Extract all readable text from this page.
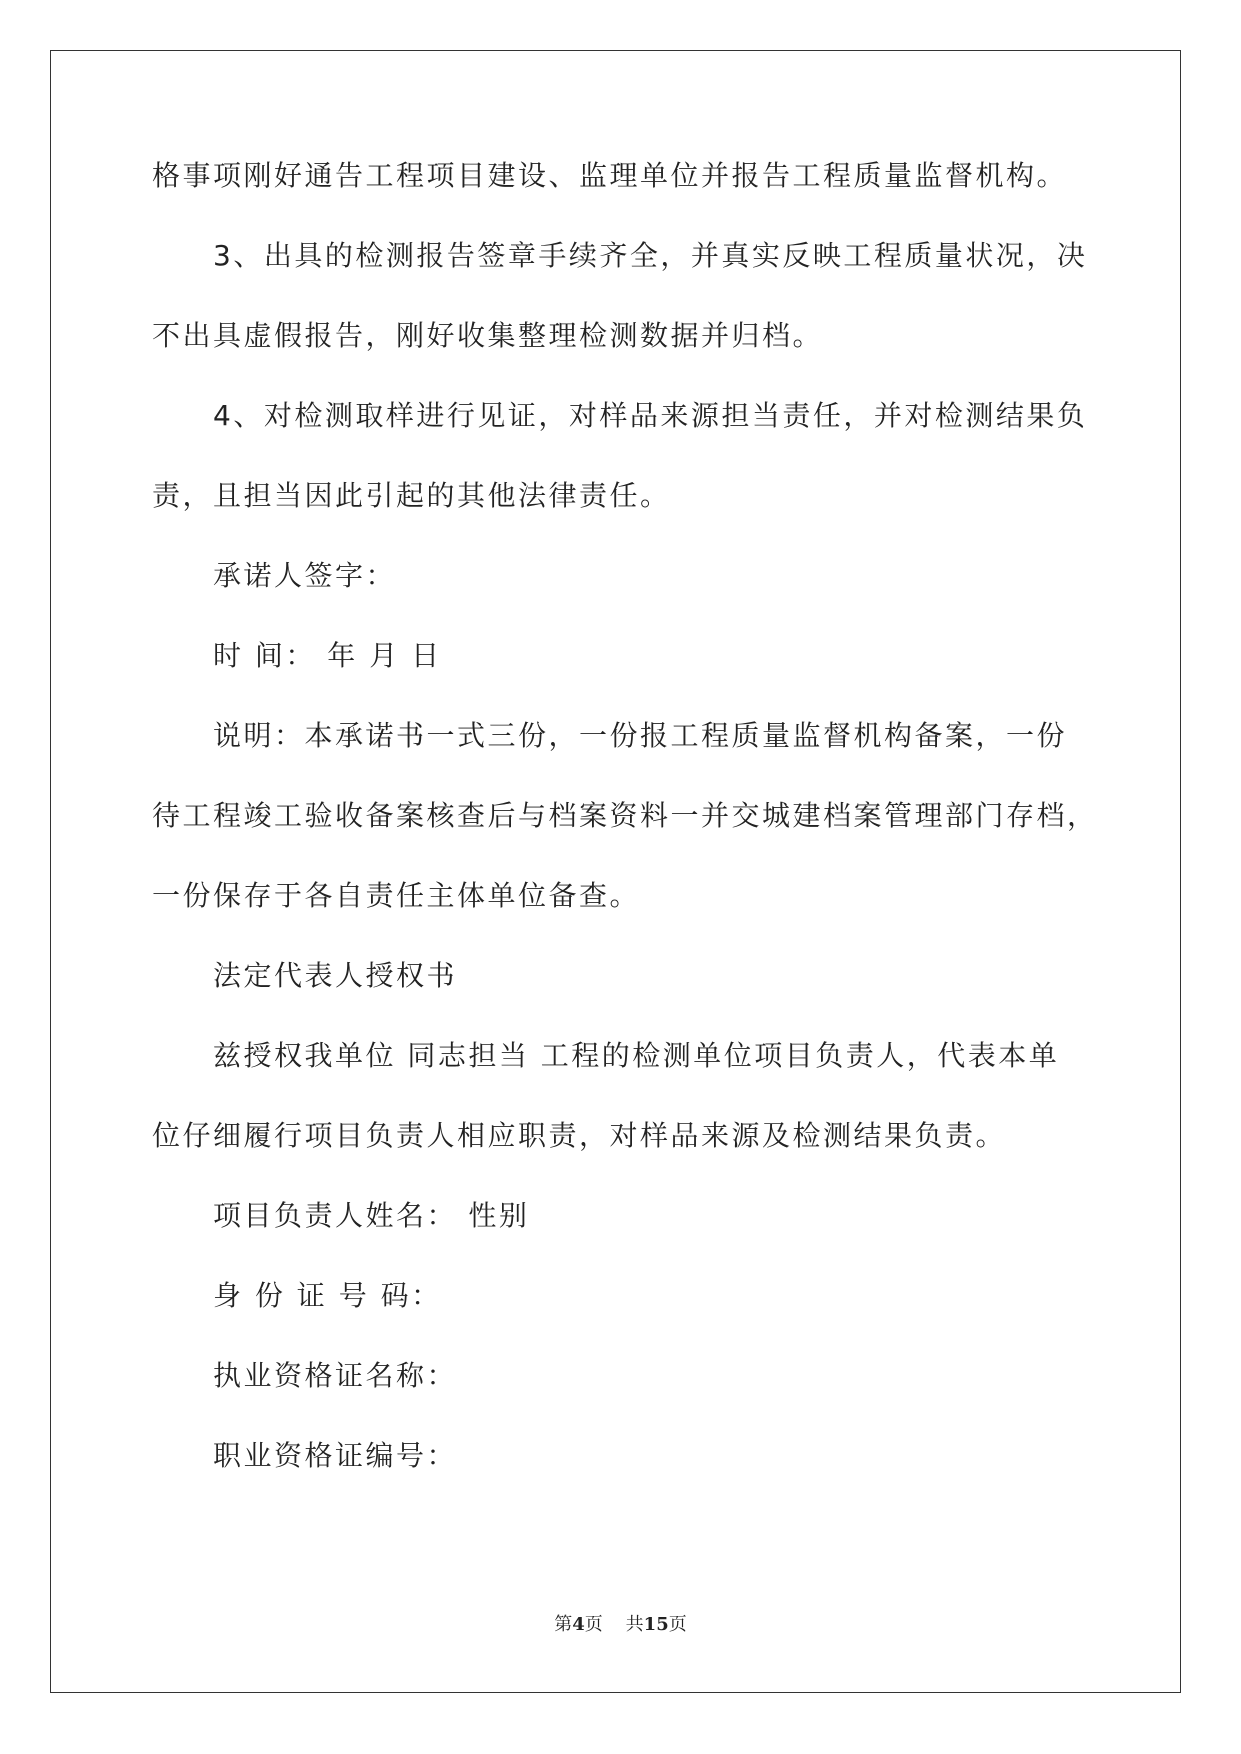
格事项刚好通告工程项目建设、监理单位并报告工程质量监督机构。

3、出具的检测报告签章手续齐全，并真实反映工程质量状况，决

不出具虚假报告，刚好收集整理检测数据并归档。

4、对检测取样进行见证，对样品来源担当责任，并对检测结果负

责，且担当因此引起的其他法律责任。

承诺人签字：

时 间： 年 月 日

说明：本承诺书一式三份，一份报工程质量监督机构备案，一份

待工程竣工验收备案核查后与档案资料一并交城建档案管理部门存档，

一份保存于各自责任主体单位备查。

法定代表人授权书

兹授权我单位 同志担当 工程的检测单位项目负责人，代表本单

位仔细履行项目负责人相应职责，对样品来源及检测结果负责。

项目负责人姓名： 性别

身 份 证 号 码：

执业资格证名称：

职业资格证编号：

第4页    共15页
